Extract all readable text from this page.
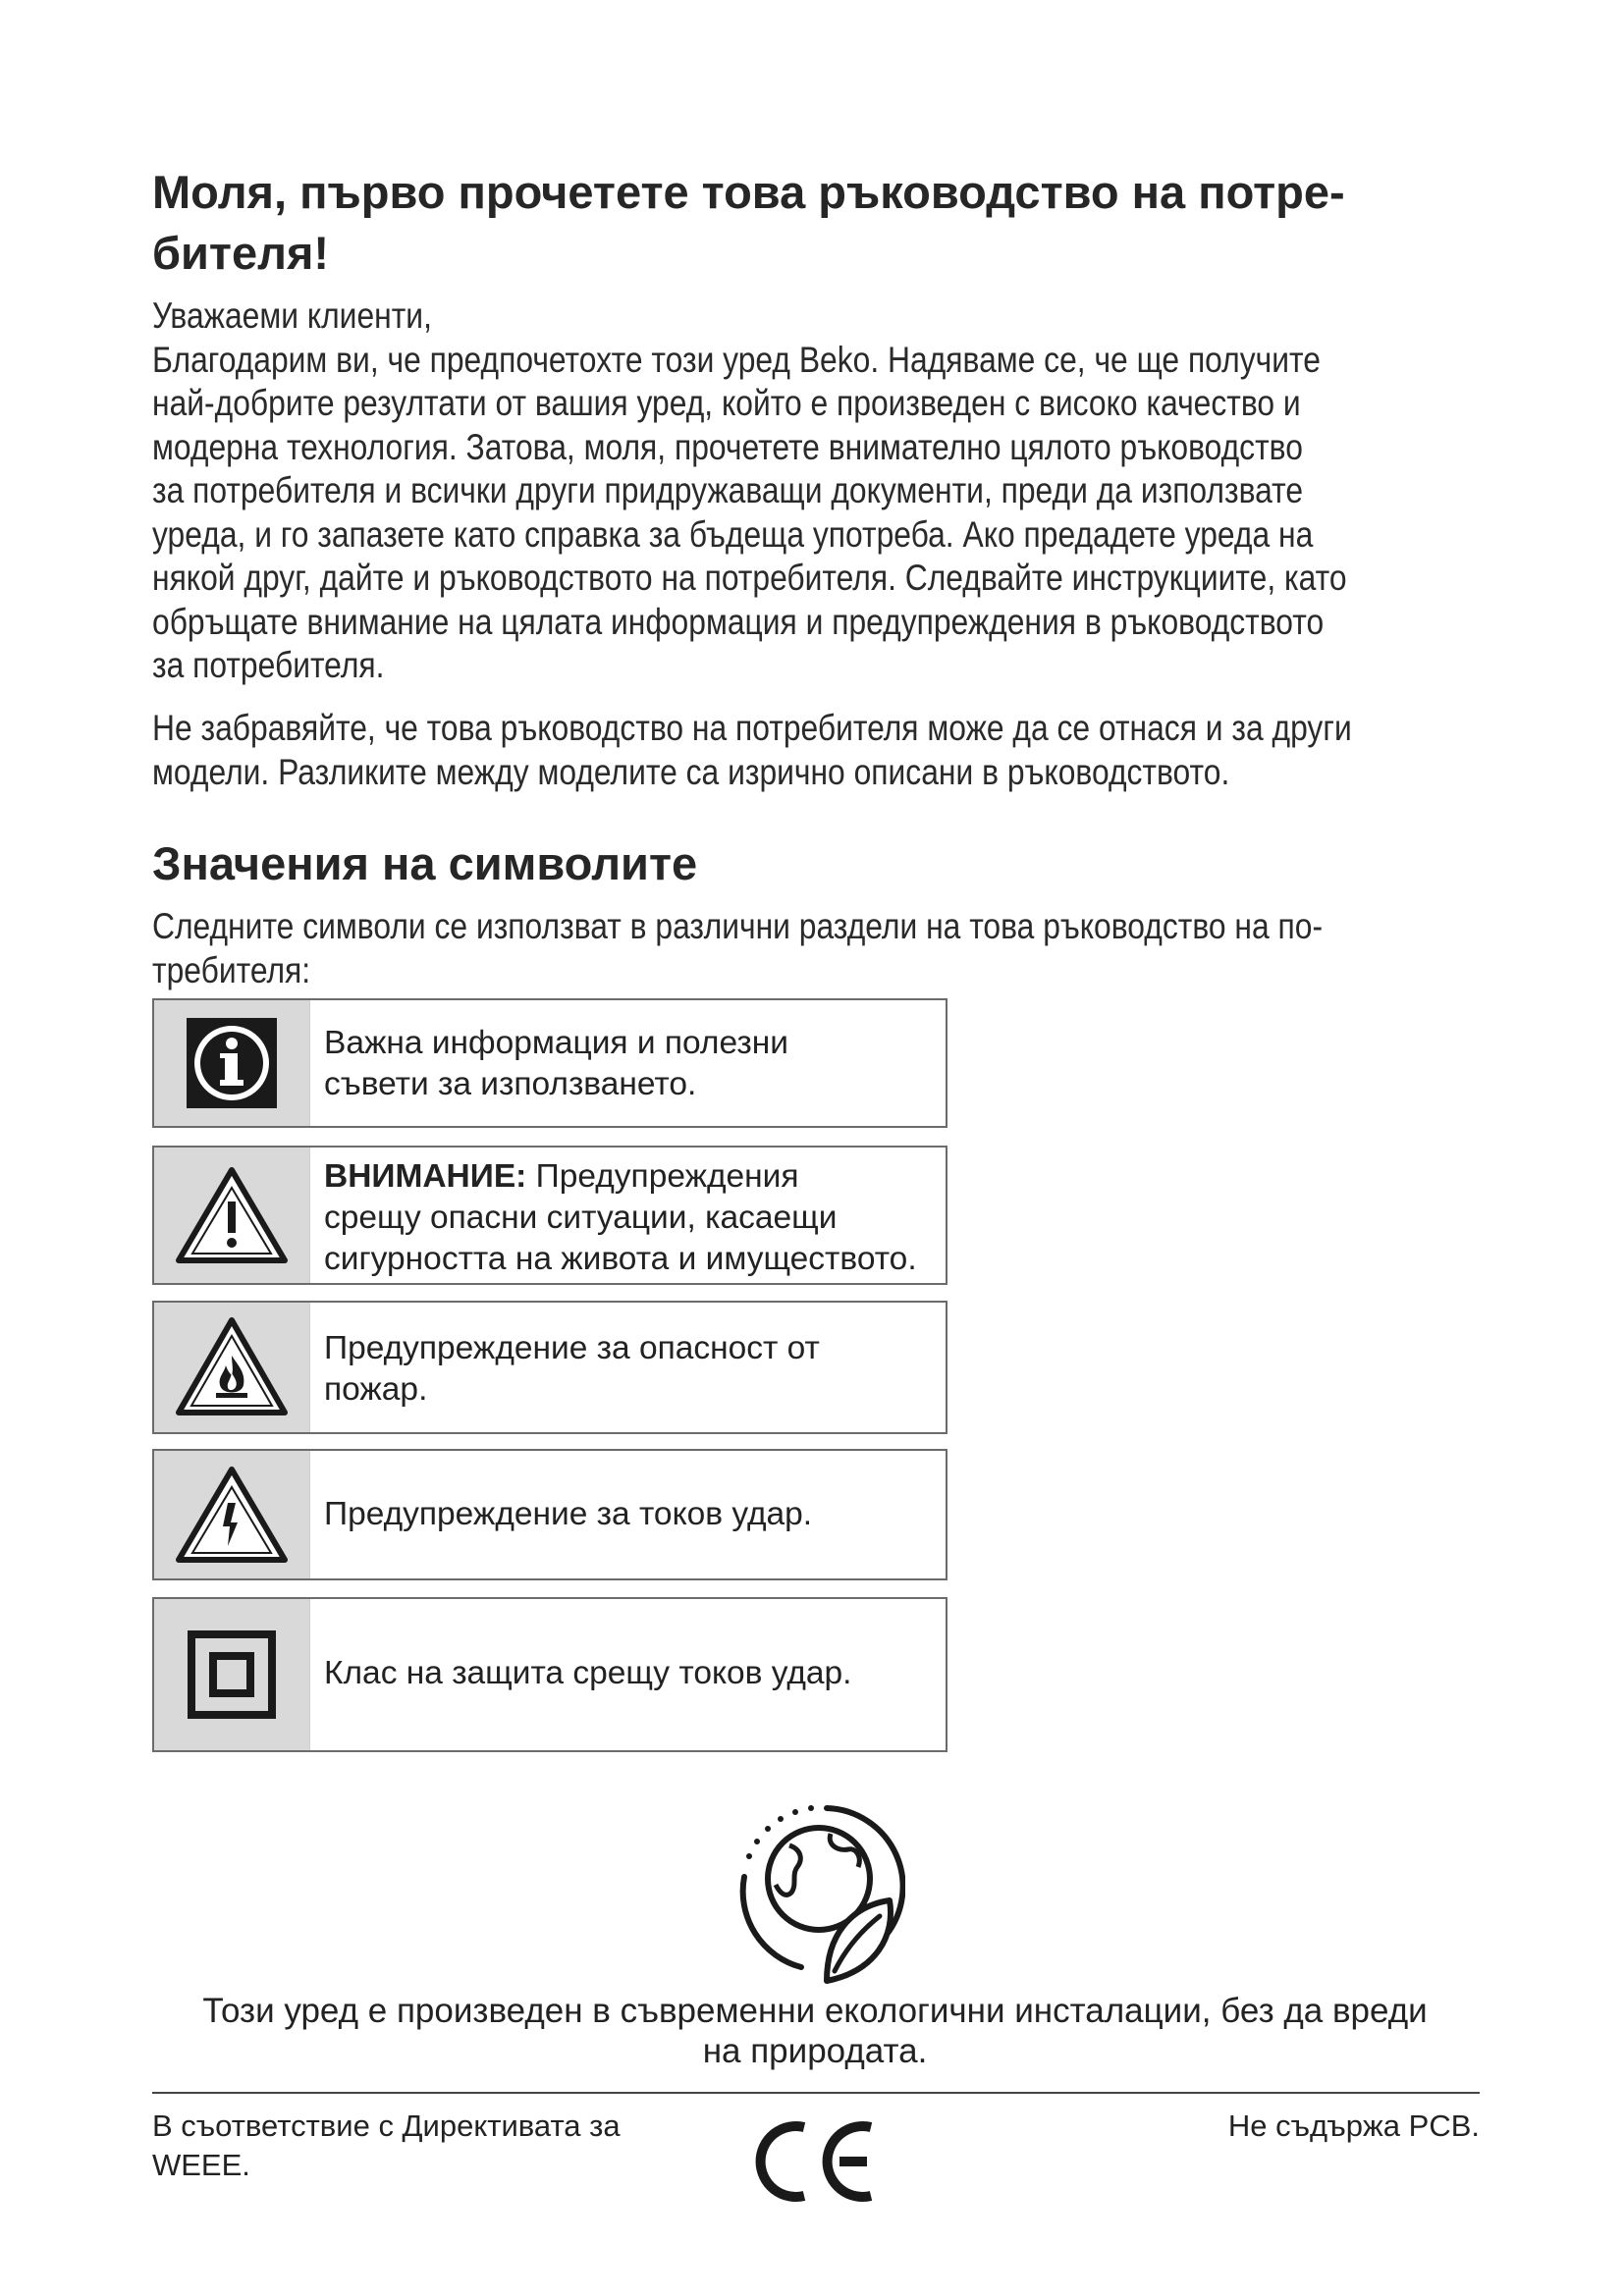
Моля, първо прочетете това ръководство на потре-
бителя!

Уважаеми клиенти,

Благодарим ви, че предпочетохте този уред Beko. Надяваме се, че ще получите

най-добрите резултати от вашия уред, който е произведен с високо качество и

модерна технология. Затова, моля, прочетете внимателно цялото ръководство

за потребителя и всички други придружаващи документи, преди да използвате

уреда, и го запазете като справка за бъдеща употреба. Ако предадете уреда на

някой друг, дайте и ръководството на потребителя. Следвайте инструкциите, като

обръщате внимание на цялата информация и предупреждения в ръководството

за потребителя.

Не забравяйте, че това ръководство на потребителя може да се отнася и за други

модели. Разликите между моделите са изрично описани в ръководството.

Значения на символите

Следните символи се използват в различни раздели на това ръководство на по-

требителя:

Важна информация и полезни
съвети за използването.
ВНИМАНИЕ: Предупреждения
срещу опасни ситуации, касаещи
сигурността на живота и имуществото.
Предупреждение за опасност от
пожар.
Предупреждение за токов удар.
Клас на защита срещу токов удар.
Този уред е произведен в съвременни екологични инсталации, без да вреди
на природата.
В съответствие с Директивата за
WEEE.
Не съдържа PCB.
